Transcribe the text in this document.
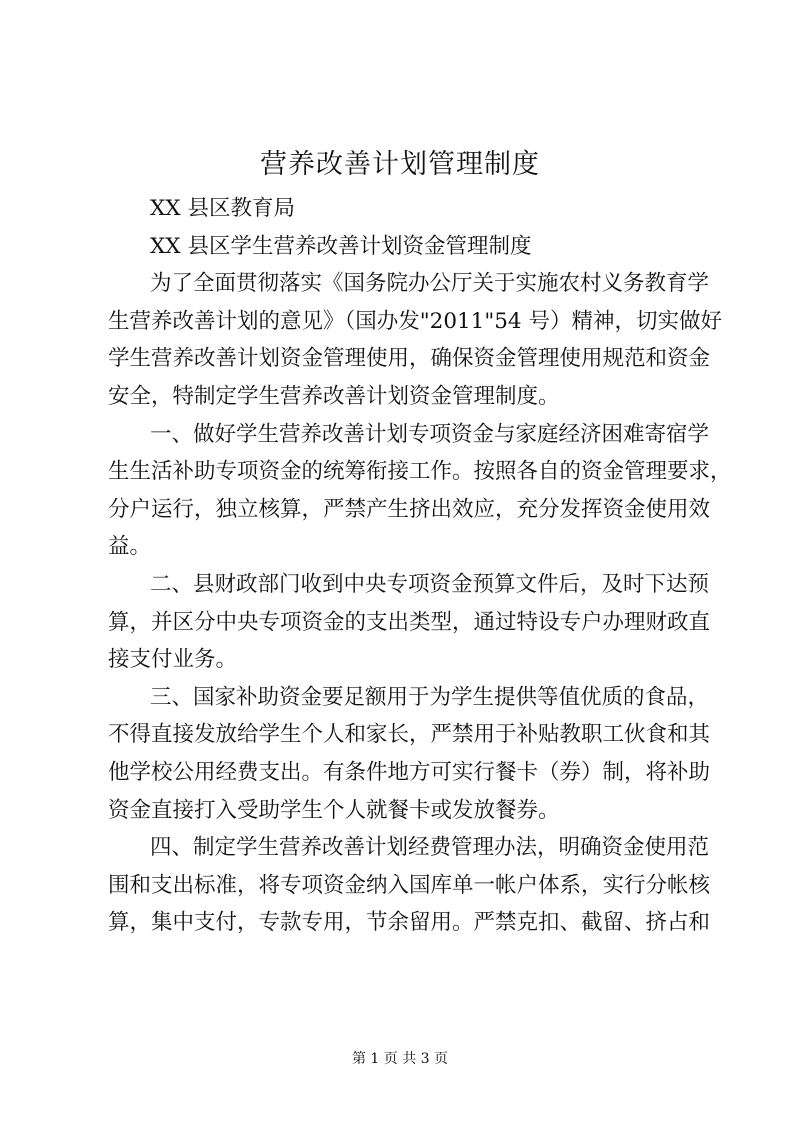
营养改善计划管理制度
XX 县区教育局
XX 县区学生营养改善计划资金管理制度
为了全面贯彻落实《国务院办公厅关于实施农村义务教育学
生营养改善计划的意见》（国办发"2011"54 号）精神，切实做好
学生营养改善计划资金管理使用，确保资金管理使用规范和资金
安全，特制定学生营养改善计划资金管理制度。
一、做好学生营养改善计划专项资金与家庭经济困难寄宿学
生生活补助专项资金的统筹衔接工作。按照各自的资金管理要求，
分户运行，独立核算，严禁产生挤出效应，充分发挥资金使用效
益。
二、县财政部门收到中央专项资金预算文件后，及时下达预
算，并区分中央专项资金的支出类型，通过特设专户办理财政直
接支付业务。
三、国家补助资金要足额用于为学生提供等值优质的食品，
不得直接发放给学生个人和家长，严禁用于补贴教职工伙食和其
他学校公用经费支出。有条件地方可实行餐卡（券）制，将补助
资金直接打入受助学生个人就餐卡或发放餐券。
四、制定学生营养改善计划经费管理办法，明确资金使用范
围和支出标准，将专项资金纳入国库单一帐户体系，实行分帐核
算，集中支付，专款专用，节余留用。严禁克扣、截留、挤占和
第 1 页 共 3 页
